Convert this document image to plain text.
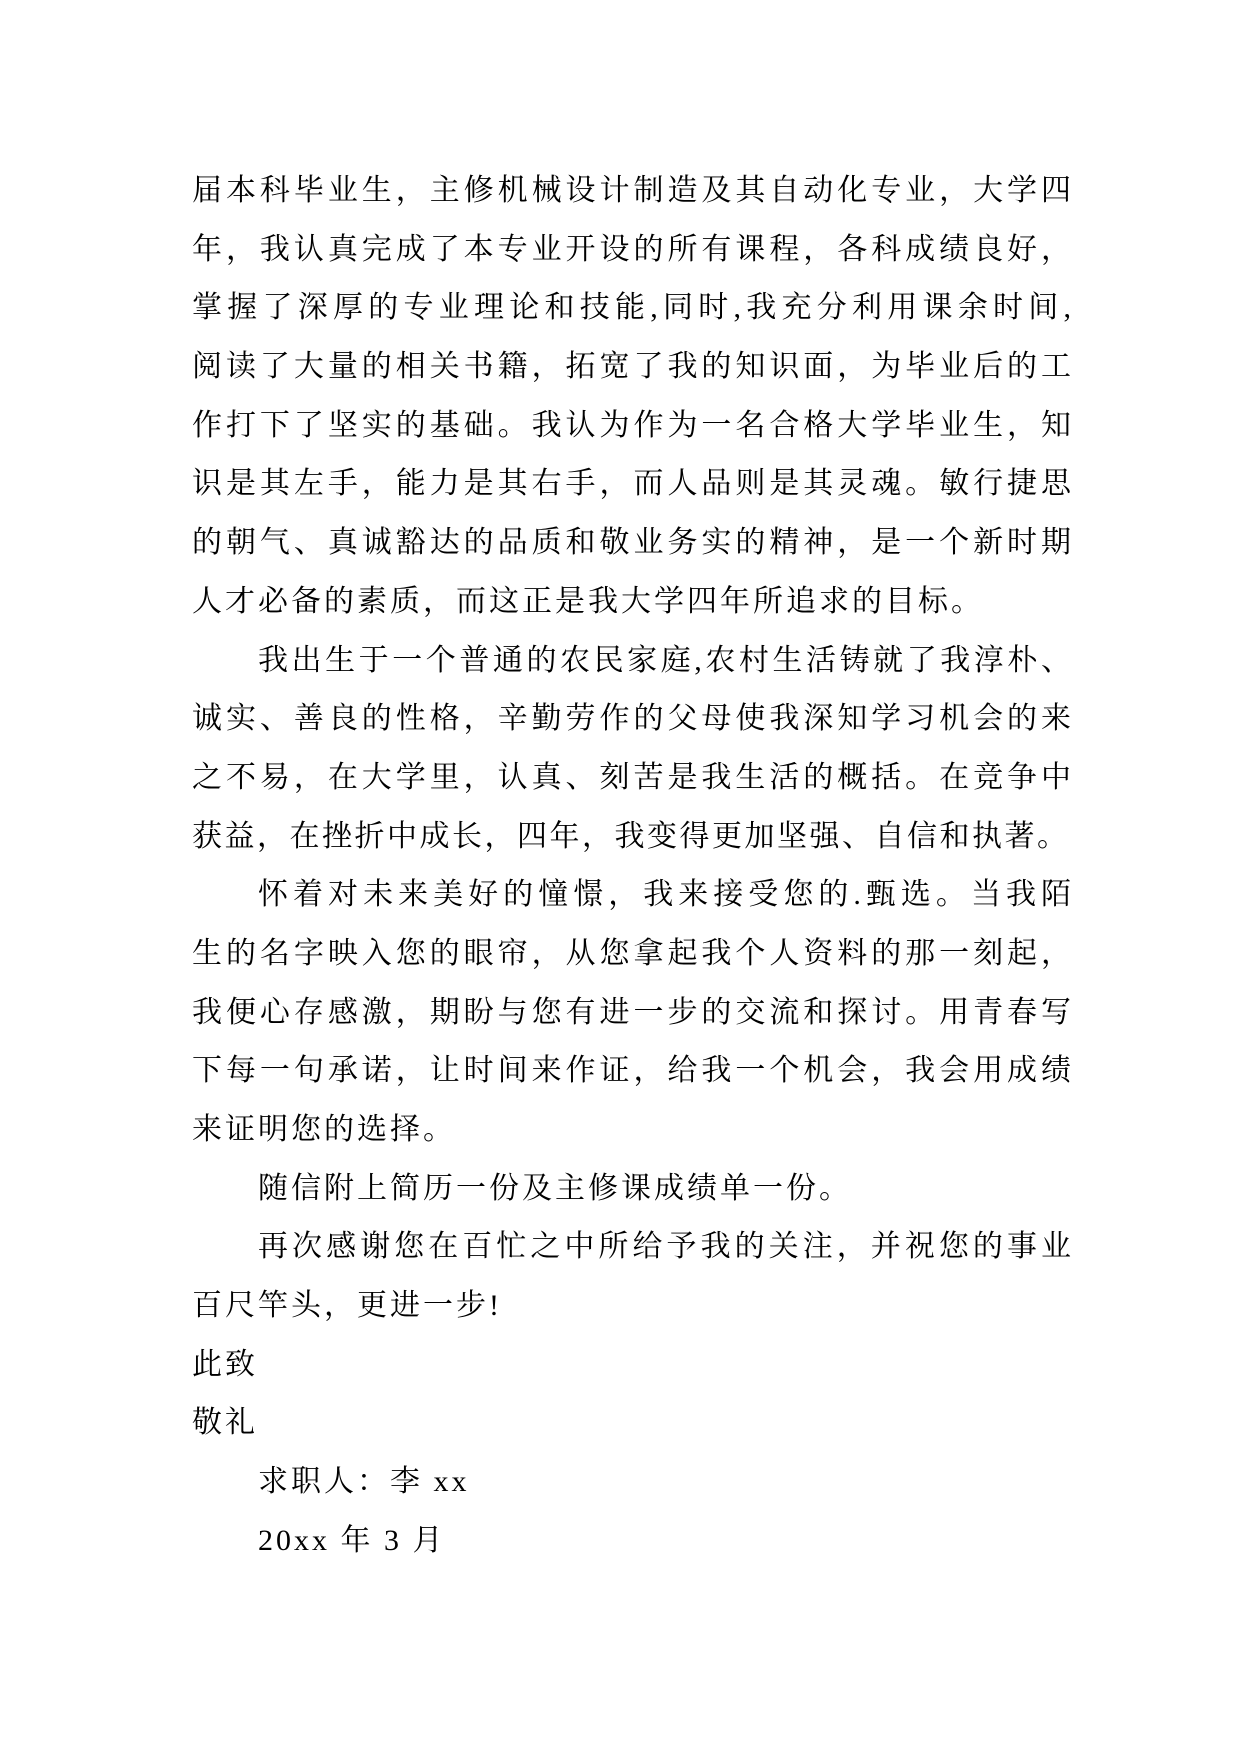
届本科毕业生，主修机械设计制造及其自动化专业，大学四
年，我认真完成了本专业开设的所有课程，各科成绩良好，
掌握了深厚的专业理论和技能,同时,我充分利用课余时间,
阅读了大量的相关书籍，拓宽了我的知识面，为毕业后的工
作打下了坚实的基础。我认为作为一名合格大学毕业生，知
识是其左手，能力是其右手，而人品则是其灵魂。敏行捷思
的朝气、真诚豁达的品质和敬业务实的精神，是一个新时期
人才必备的素质，而这正是我大学四年所追求的目标。
我出生于一个普通的农民家庭,农村生活铸就了我淳朴、
诚实、善良的性格，辛勤劳作的父母使我深知学习机会的来
之不易，在大学里，认真、刻苦是我生活的概括。在竞争中
获益，在挫折中成长，四年，我变得更加坚强、自信和执著。
怀着对未来美好的憧憬，我来接受您的.甄选。当我陌
生的名字映入您的眼帘，从您拿起我个人资料的那一刻起，
我便心存感激，期盼与您有进一步的交流和探讨。用青春写
下每一句承诺，让时间来作证，给我一个机会，我会用成绩
来证明您的选择。
随信附上简历一份及主修课成绩单一份。
再次感谢您在百忙之中所给予我的关注，并祝您的事业
百尺竿头，更进一步!
此致
敬礼
求职人：李 xx
20xx 年 3 月
